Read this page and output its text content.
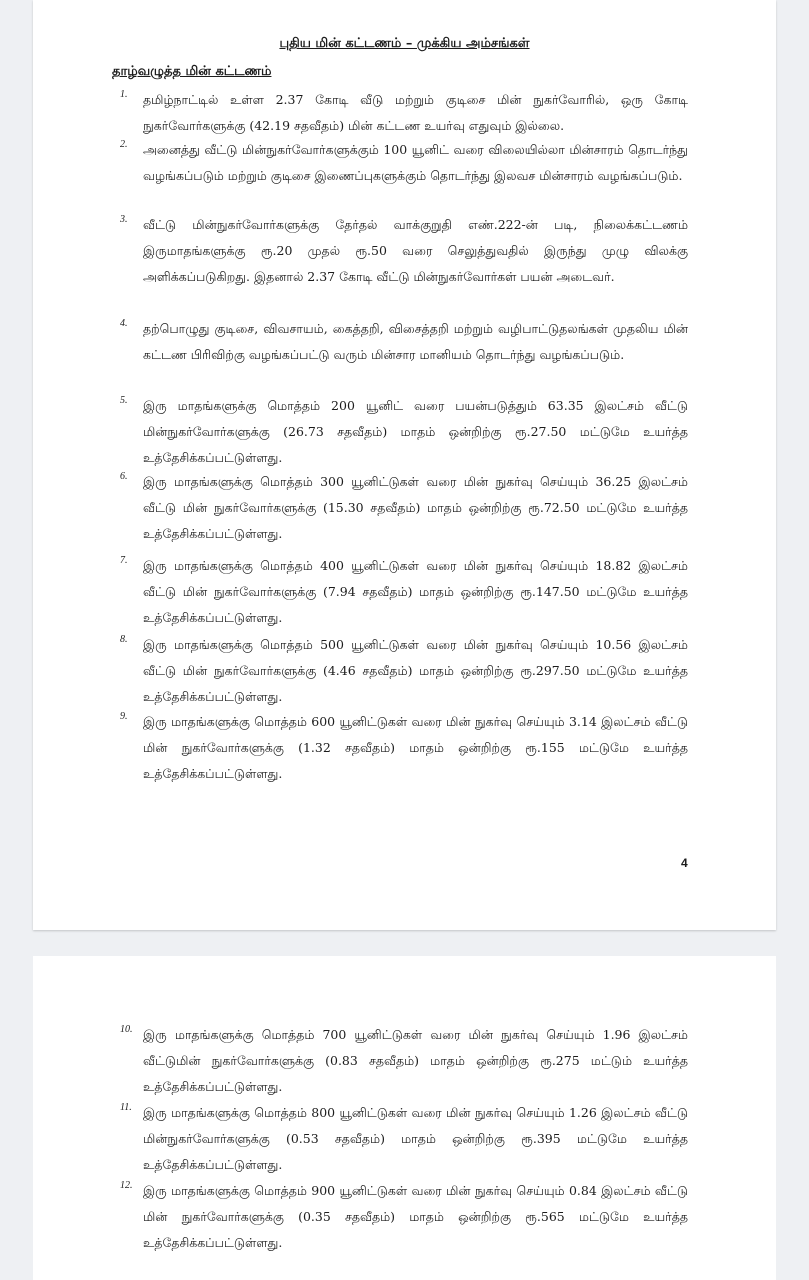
புதிய மின் கட்டணம் – முக்கிய அம்சங்கள்
தாழ்வழுத்த மின் கட்டணம்
1. தமிழ்நாட்டில் உள்ள 2.37 கோடி வீடு மற்றும் குடிசை மின் நுகர்வோரில், ஒரு கோடி நுகர்வோர்களுக்கு (42.19 சதவீதம்) மின் கட்டண உயர்வு எதுவும் இல்லை.
2. அனைத்து வீட்டு மின்நுகர்வோர்களுக்கும் 100 யூனிட் வரை விலையில்லா மின்சாரம் தொடர்ந்து வழங்கப்படும் மற்றும் குடிசை இணைப்புகளுக்கும் தொடர்ந்து இலவச மின்சாரம் வழங்கப்படும்.
3. வீட்டு மின்நுகர்வோர்களுக்கு தேர்தல் வாக்குறுதி எண்.222-ன் படி, நிலைக்கட்டணம் இருமாதங்களுக்கு ரூ.20 முதல் ரூ.50 வரை செலுத்துவதில் இருந்து முழு விலக்கு அளிக்கப்படுகிறது. இதனால் 2.37 கோடி வீட்டு மின்நுகர்வோர்கள் பயன் அடைவர்.
4. தற்பொழுது குடிசை, விவசாயம், கைத்தறி, விசைத்தறி மற்றும் வழிபாட்டுதலங்கள் முதலிய மின் கட்டண பிரிவிற்கு வழங்கப்பட்டு வரும் மின்சார மானியம் தொடர்ந்து வழங்கப்படும்.
5. இரு மாதங்களுக்கு மொத்தம் 200 யூனிட் வரை பயன்படுத்தும் 63.35 இலட்சம் வீட்டு மின்நுகர்வோர்களுக்கு (26.73 சதவீதம்) மாதம் ஒன்றிற்கு ரூ.27.50 மட்டுமே உயர்த்த உத்தேசிக்கப்பட்டுள்ளது.
6. இரு மாதங்களுக்கு மொத்தம் 300 யூனிட்டுகள் வரை மின் நுகர்வு செய்யும் 36.25 இலட்சம் வீட்டு மின் நுகர்வோர்களுக்கு (15.30 சதவீதம்) மாதம் ஒன்றிற்கு ரூ.72.50 மட்டுமே உயர்த்த உத்தேசிக்கப்பட்டுள்ளது.
7. இரு மாதங்களுக்கு மொத்தம் 400 யூனிட்டுகள் வரை மின் நுகர்வு செய்யும் 18.82 இலட்சம் வீட்டு மின் நுகர்வோர்களுக்கு (7.94 சதவீதம்) மாதம் ஒன்றிற்கு ரூ.147.50 மட்டுமே உயர்த்த உத்தேசிக்கப்பட்டுள்ளது.
8. இரு மாதங்களுக்கு மொத்தம் 500 யூனிட்டுகள் வரை மின் நுகர்வு செய்யும் 10.56 இலட்சம் வீட்டு மின் நுகர்வோர்களுக்கு (4.46 சதவீதம்) மாதம் ஒன்றிற்கு ரூ.297.50 மட்டுமே உயர்த்த உத்தேசிக்கப்பட்டுள்ளது.
9. இரு மாதங்களுக்கு மொத்தம் 600 யூனிட்டுகள் வரை மின் நுகர்வு செய்யும் 3.14 இலட்சம் வீட்டு மின் நுகர்வோர்களுக்கு (1.32 சதவீதம்) மாதம் ஒன்றிற்கு ரூ.155 மட்டுமே உயர்த்த உத்தேசிக்கப்பட்டுள்ளது.
4
10. இரு மாதங்களுக்கு மொத்தம் 700 யூனிட்டுகள் வரை மின் நுகர்வு செய்யும் 1.96 இலட்சம் வீட்டுமின் நுகர்வோர்களுக்கு (0.83 சதவீதம்) மாதம் ஒன்றிற்கு ரூ.275 மட்டும் உயர்த்த உத்தேசிக்கப்பட்டுள்ளது.
11. இரு மாதங்களுக்கு மொத்தம் 800 யூனிட்டுகள் வரை மின் நுகர்வு செய்யும் 1.26 இலட்சம் வீட்டு மின்நுகர்வோர்களுக்கு (0.53 சதவீதம்) மாதம் ஒன்றிற்கு ரூ.395 மட்டுமே உயர்த்த உத்தேசிக்கப்பட்டுள்ளது.
12. இரு மாதங்களுக்கு மொத்தம் 900 யூனிட்டுகள் வரை மின் நுகர்வு செய்யும் 0.84 இலட்சம் வீட்டு மின் நுகர்வோர்களுக்கு (0.35 சதவீதம்) மாதம் ஒன்றிற்கு ரூ.565 மட்டுமே உயர்த்த உத்தேசிக்கப்பட்டுள்ளது.
